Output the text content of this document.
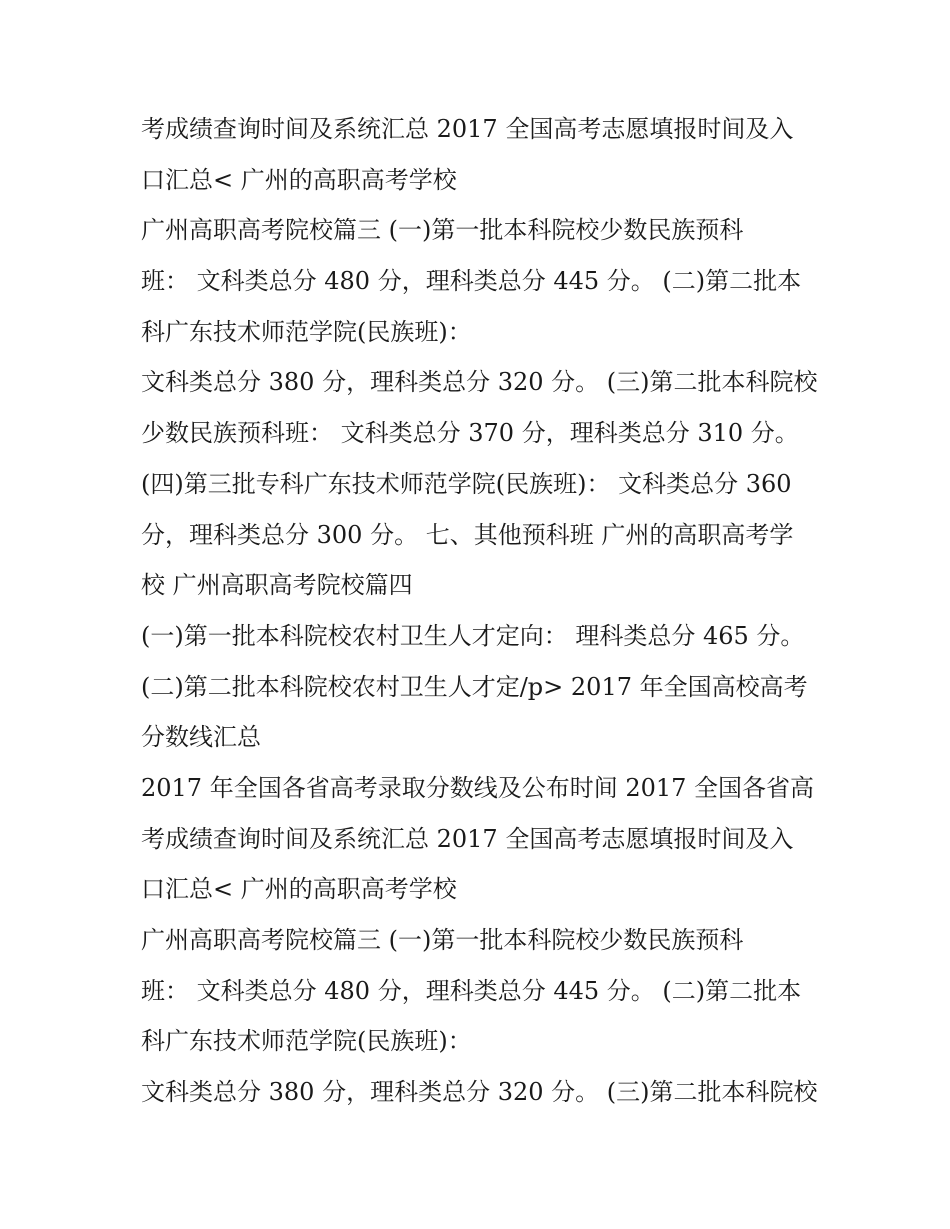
考成绩查询时间及系统汇总 2017 全国高考志愿填报时间及入
口汇总< 广州的高职高考学校
广州高职高考院校篇三 (一)第一批本科院校少数民族预科
班： 文科类总分 480 分，理科类总分 445 分。 (二)第二批本
科广东技术师范学院(民族班)：
文科类总分 380 分，理科类总分 320 分。 (三)第二批本科院校
少数民族预科班： 文科类总分 370 分，理科类总分 310 分。
(四)第三批专科广东技术师范学院(民族班)： 文科类总分 360
分，理科类总分 300 分。 七、其他预科班 广州的高职高考学
校 广州高职高考院校篇四
(一)第一批本科院校农村卫生人才定向： 理科类总分 465 分。
(二)第二批本科院校农村卫生人才定/p> 2017 年全国高校高考
分数线汇总
2017 年全国各省高考录取分数线及公布时间 2017 全国各省高
考成绩查询时间及系统汇总 2017 全国高考志愿填报时间及入
口汇总< 广州的高职高考学校
广州高职高考院校篇三 (一)第一批本科院校少数民族预科
班： 文科类总分 480 分，理科类总分 445 分。 (二)第二批本
科广东技术师范学院(民族班)：
文科类总分 380 分，理科类总分 320 分。 (三)第二批本科院校
